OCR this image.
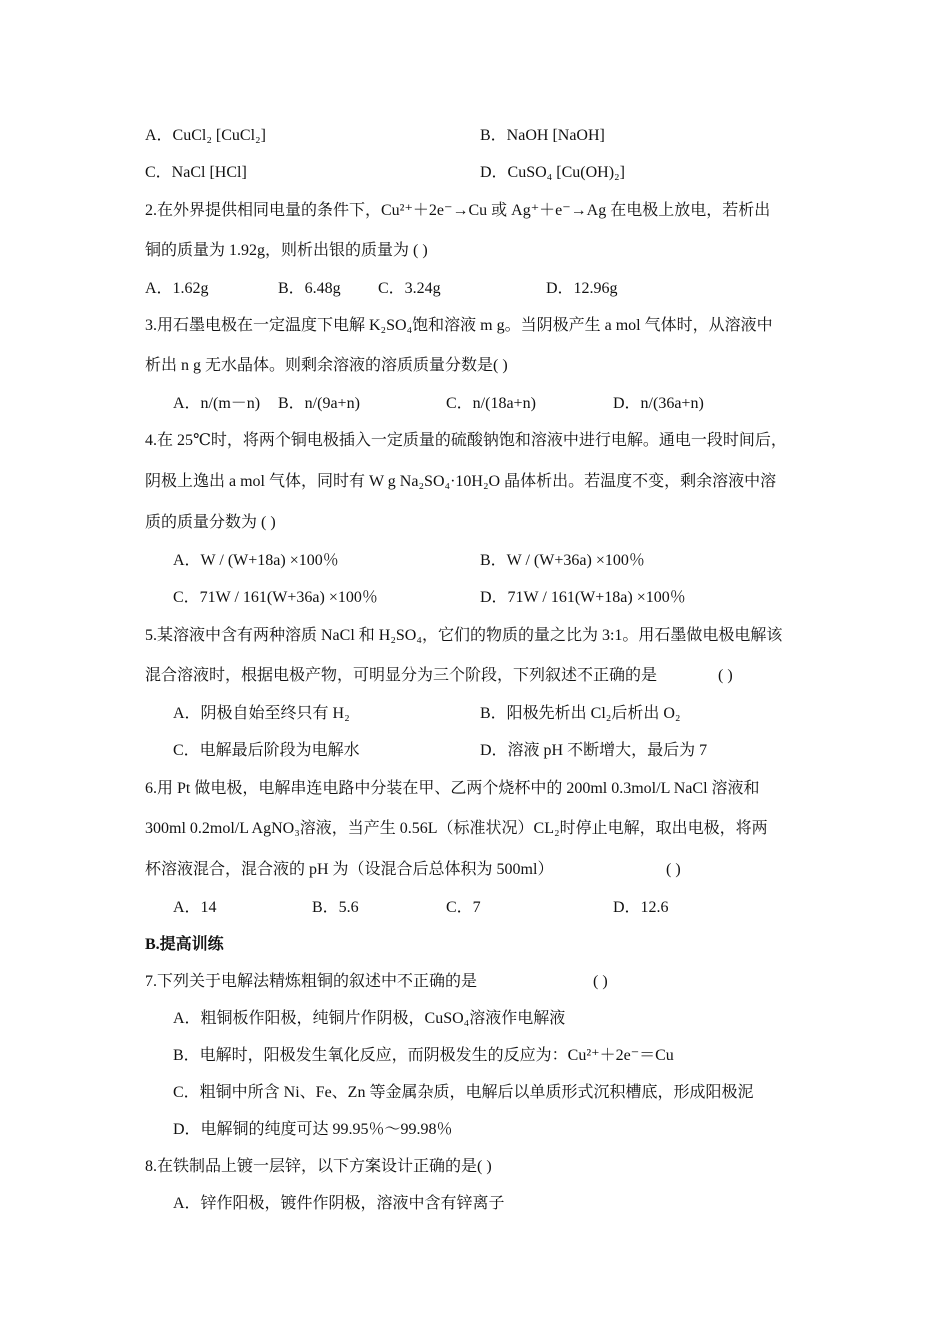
A．CuCl₂ [CuCl₂]	B．NaOH [NaOH]
C．NaCl [HCl]	D．CuSO₄ [Cu(OH)₂]
2.在外界提供相同电量的条件下，Cu²⁺＋2e⁻→Cu 或 Ag⁺＋e⁻→Ag 在电极上放电，若析出
铜的质量为 1.92g，则析出银的质量为 ( )
A．1.62g	B．6.48g C．3.24g	D．12.96g
3.用石墨电极在一定温度下电解 K₂SO₄饱和溶液 m g。当阴极产生 a mol 气体时，从溶液中
析出 n g 无水晶体。则剩余溶液的溶质质量分数是( )
A．n/(m－n) B．n/(9a+n)	C．n/(18a+n)	D．n/(36a+n)
4.在 25℃时，将两个铜电极插入一定质量的硫酸钠饱和溶液中进行电解。通电一段时间后，
阴极上逸出 a mol 气体，同时有 W g Na₂SO₄·10H₂O 晶体析出。若温度不变，剩余溶液中溶
质的质量分数为 ( )
A．W / (W+18a) ×100％	B．W / (W+36a) ×100％
C．71W / 161(W+36a) ×100％	D．71W / 161(W+18a) ×100％
5.某溶液中含有两种溶质 NaCl 和 H₂SO₄，它们的物质的量之比为 3:1。用石墨做电极电解该
混合溶液时，根据电极产物，可明显分为三个阶段，下列叙述不正确的是	( )
A．阴极自始至终只有 H₂	B．阳极先析出 Cl₂后析出 O₂
C．电解最后阶段为电解水	D．溶液 pH 不断增大，最后为 7
6.用 Pt 做电极，电解串连电路中分装在甲、乙两个烧杯中的 200ml 0.3mol/L NaCl 溶液和
300ml 0.2mol/L AgNO₃溶液，当产生 0.56L（标准状况）CL₂时停止电解，取出电极，将两
杯溶液混合，混合液的 pH 为（设混合后总体积为 500ml）	( )
A．14	B．5.6	C．7	D．12.6
B.提高训练
7.下列关于电解法精炼粗铜的叙述中不正确的是	( )
A．粗铜板作阳极，纯铜片作阴极，CuSO₄溶液作电解液
B．电解时，阳极发生氧化反应，而阴极发生的反应为：Cu²⁺＋2e⁻＝Cu
C．粗铜中所含 Ni、Fe、Zn 等金属杂质，电解后以单质形式沉积槽底，形成阳极泥
D．电解铜的纯度可达 99.95％～99.98％
8.在铁制品上镀一层锌，以下方案设计正确的是( )
A．锌作阳极，镀件作阴极，溶液中含有锌离子
